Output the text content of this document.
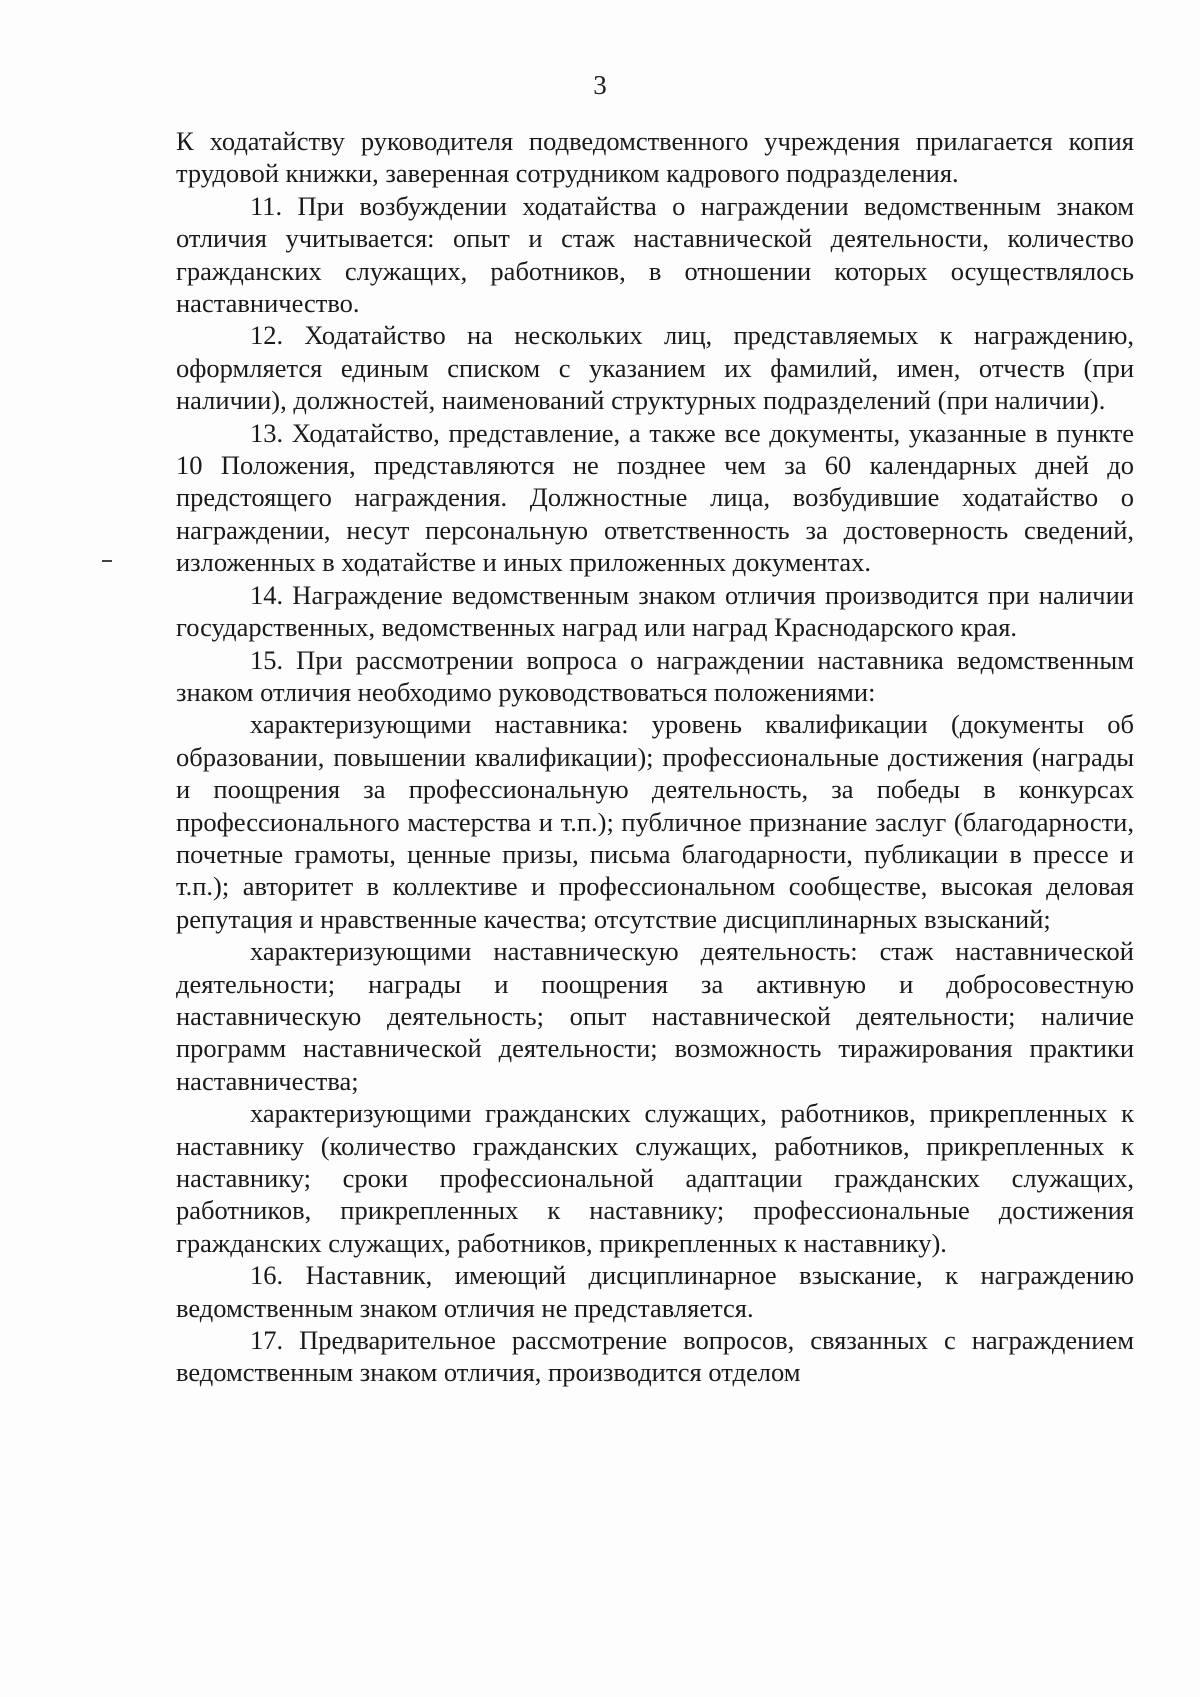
3

К ходатайству руководителя подведомственного учреждения прилагается копия трудовой книжки, заверенная сотрудником кадрового подразделения.

11. При возбуждении ходатайства о награждении ведомственным знаком отличия учитывается: опыт и стаж наставнической деятельности, количество гражданских служащих, работников, в отношении которых осуществлялось наставничество.

12. Ходатайство на нескольких лиц, представляемых к награждению, оформляется единым списком с указанием их фамилий, имен, отчеств (при наличии), должностей, наименований структурных подразделений (при наличии).

13. Ходатайство, представление, а также все документы, указанные в пункте 10 Положения, представляются не позднее чем за 60 календарных дней до предстоящего награждения. Должностные лица, возбудившие ходатайство о награждении, несут персональную ответственность за достоверность сведений, изложенных в ходатайстве и иных приложенных документах.

14. Награждение ведомственным знаком отличия производится при наличии государственных, ведомственных наград или наград Краснодарского края.

15. При рассмотрении вопроса о награждении наставника ведомственным знаком отличия необходимо руководствоваться положениями:

характеризующими наставника: уровень квалификации (документы об образовании, повышении квалификации); профессиональные достижения (награды и поощрения за профессиональную деятельность, за победы в конкурсах профессионального мастерства и т.п.); публичное признание заслуг (благодарности, почетные грамоты, ценные призы, письма благодарности, публикации в прессе и т.п.); авторитет в коллективе и профессиональном сообществе, высокая деловая репутация и нравственные качества; отсутствие дисциплинарных взысканий;

характеризующими наставническую деятельность: стаж наставнической деятельности; награды и поощрения за активную и добросовестную наставническую деятельность; опыт наставнической деятельности; наличие программ наставнической деятельности; возможность тиражирования практики наставничества;

характеризующими гражданских служащих, работников, прикрепленных к наставнику (количество гражданских служащих, работников, прикрепленных к наставнику; сроки профессиональной адаптации гражданских служащих, работников, прикрепленных к наставнику; профессиональные достижения гражданских служащих, работников, прикрепленных к наставнику).

16. Наставник, имеющий дисциплинарное взыскание, к награждению ведомственным знаком отличия не представляется.

17. Предварительное рассмотрение вопросов, связанных с награждением ведомственным знаком отличия, производится отделом
